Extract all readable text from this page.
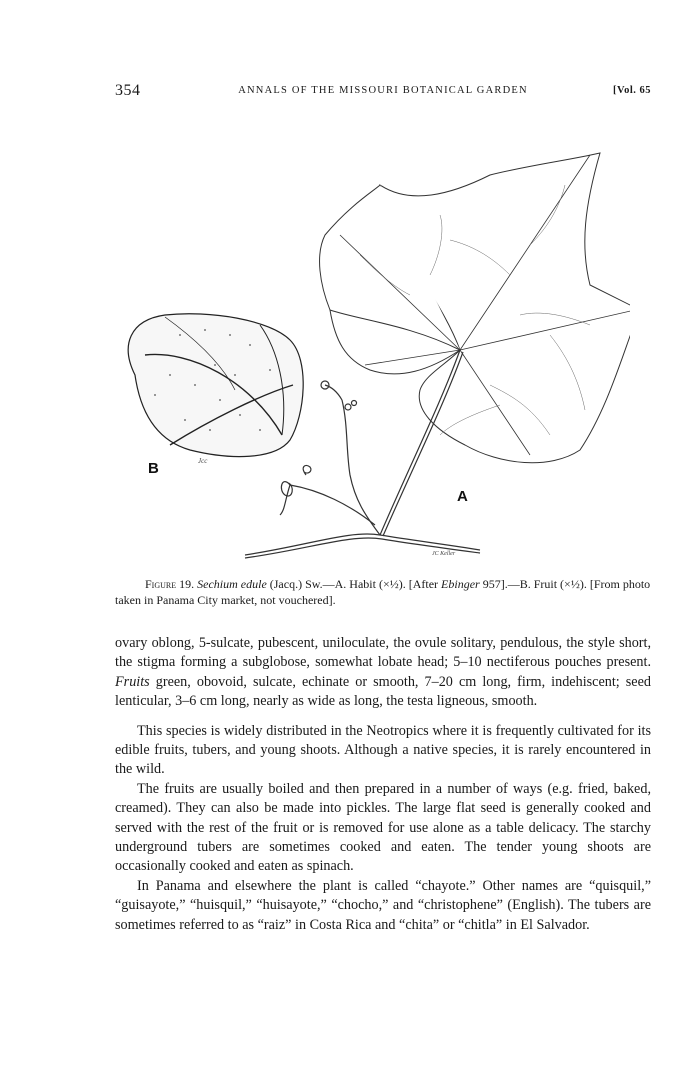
354	ANNALS OF THE MISSOURI BOTANICAL GARDEN	[Vol. 65
B	Jcc
A
JC Keller
Figure 19. Sechium edule (Jacq.) Sw.—A. Habit (×½). [After Ebinger 957].—B. Fruit (×½). [From photo taken in Panama City market, not vouchered].

ovary oblong, 5-sulcate, pubescent, uniloculate, the ovule solitary, pendulous, the style short, the stigma forming a subglobose, somewhat lobate head; 5–10 nectiferous pouches present. Fruits green, obovoid, sulcate, echinate or smooth, 7–20 cm long, firm, indehiscent; seed lenticular, 3–6 cm long, nearly as wide as long, the testa ligneous, smooth.

This species is widely distributed in the Neotropics where it is frequently cultivated for its edible fruits, tubers, and young shoots. Although a native species, it is rarely encountered in the wild.

The fruits are usually boiled and then prepared in a number of ways (e.g. fried, baked, creamed). They can also be made into pickles. The large flat seed is generally cooked and served with the rest of the fruit or is removed for use alone as a table delicacy. The starchy underground tubers are sometimes cooked and eaten. The tender young shoots are occasionally cooked and eaten as spinach.

In Panama and elsewhere the plant is called “chayote.” Other names are “quisquil,” “guisayote,” “huisquil,” “huisayote,” “chocho,” and “christophene” (English). The tubers are sometimes referred to as “raiz” in Costa Rica and “chita” or “chitla” in El Salvador.
